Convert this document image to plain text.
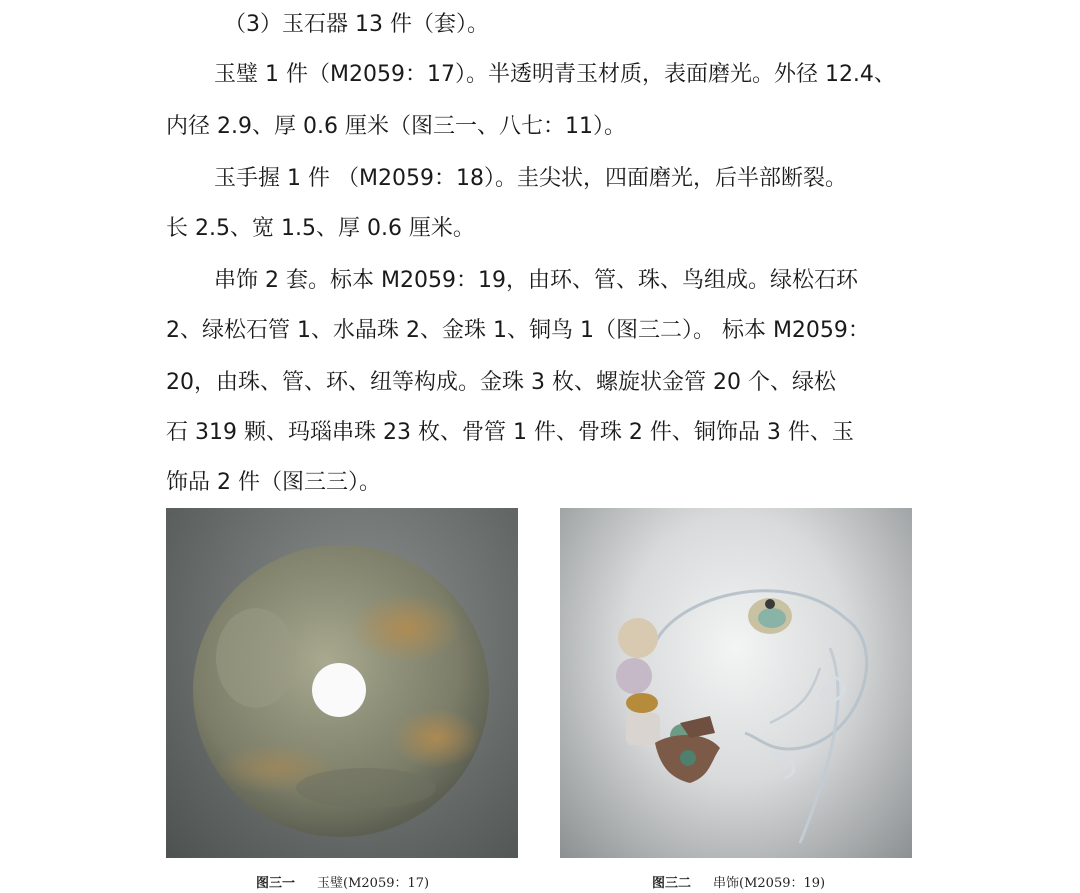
（3）玉石器 13 件（套）。
玉璧 1 件（M2059：17）。半透明青玉材质，表面磨光。外径 12.4、
内径 2.9、厚 0.6 厘米（图三一、八七：11）。
玉手握 1 件 （M2059：18）。圭尖状，四面磨光，后半部断裂。
长 2.5、宽 1.5、厚 0.6 厘米。
串饰 2 套。标本 M2059：19，由环、管、珠、鸟组成。绿松石环
2、绿松石管 1、水晶珠 2、金珠 1、铜鸟 1（图三二）。 标本 M2059：
20，由珠、管、环、纽等构成。金珠 3 枚、螺旋状金管 20 个、绿松
石 319 颗、玛瑙串珠 23 枚、骨管 1 件、骨珠 2 件、铜饰品 3 件、玉
饰品 2 件（图三三）。
图三一 玉璧(M2059：17)	图三二 串饰(M2059：19)
